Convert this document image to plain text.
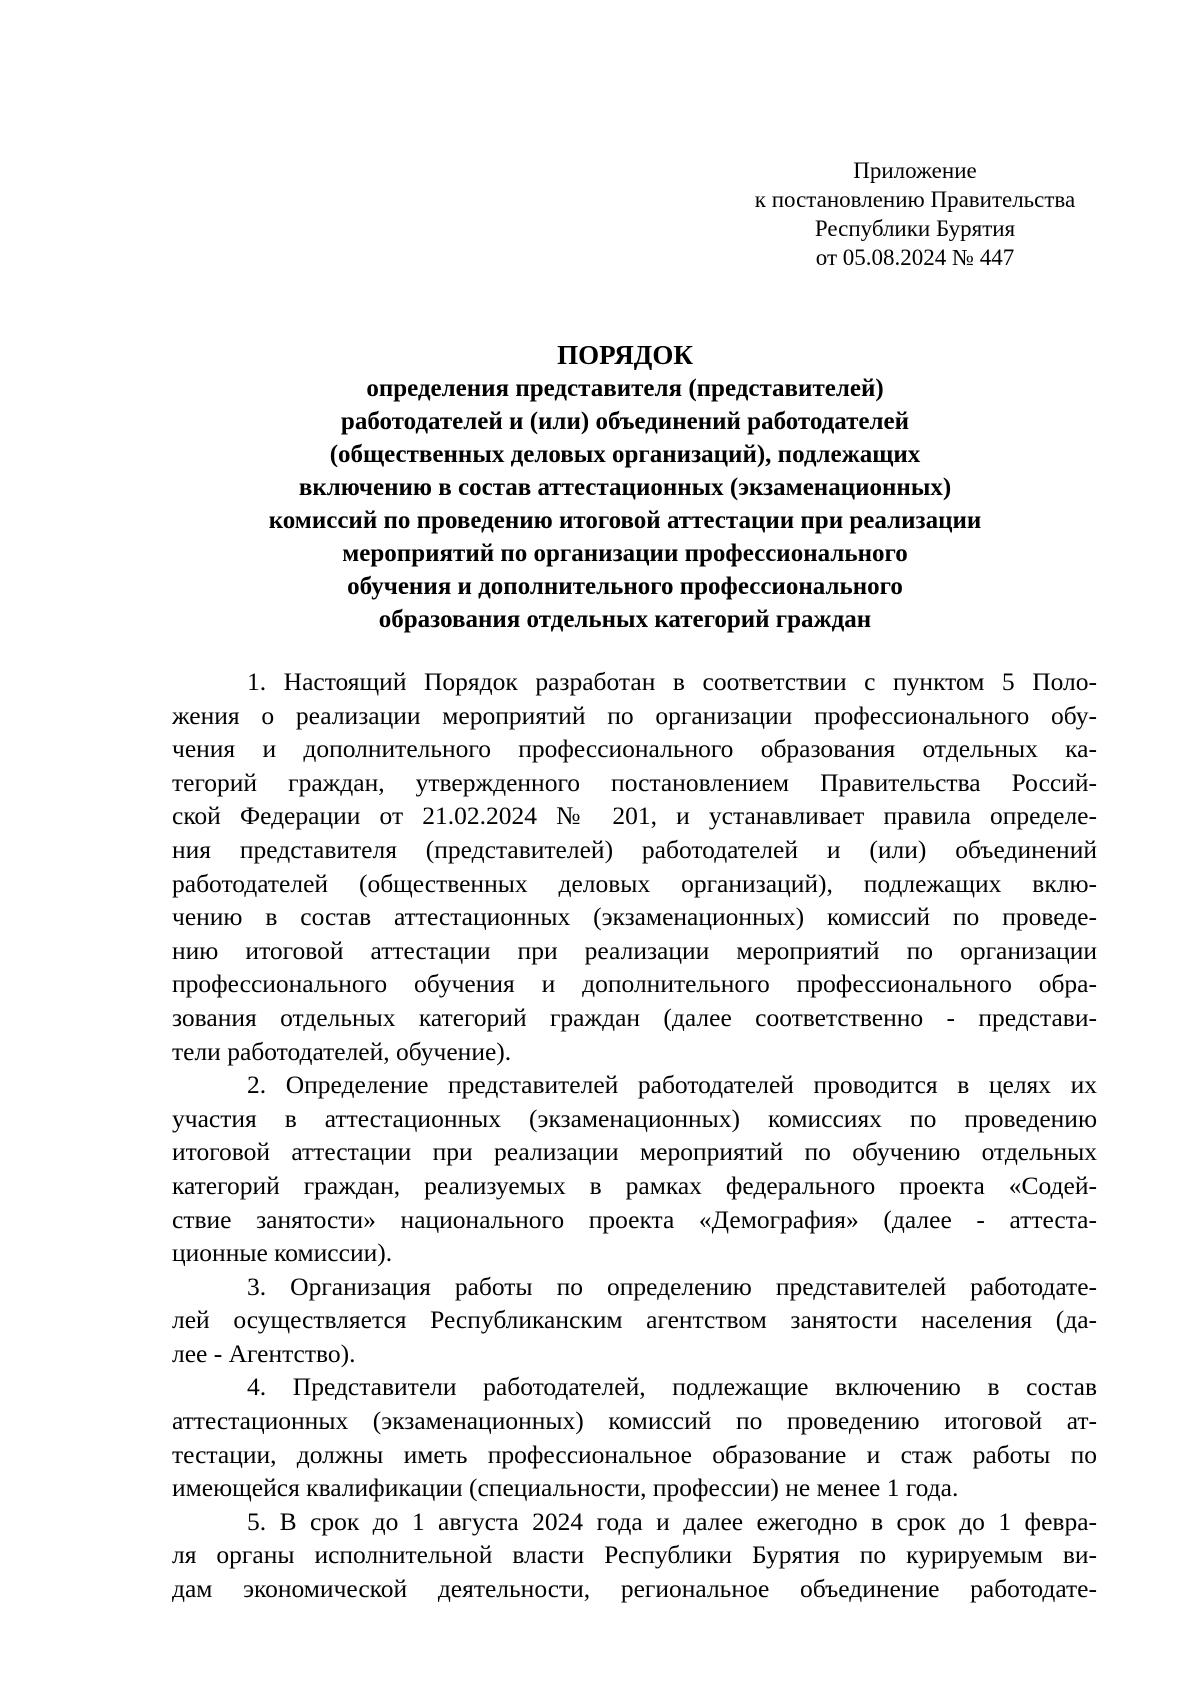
Приложение
к постановлению Правительства
Республики Бурятия
от 05.08.2024 № 447
ПОРЯДОК
определения представителя (представителей)
работодателей и (или) объединений работодателей
(общественных деловых организаций), подлежащих
включению в состав аттестационных (экзаменационных)
комиссий по проведению итоговой аттестации при реализации
мероприятий по организации профессионального
обучения и дополнительного профессионального
образования отдельных категорий граждан
1. Настоящий Порядок разработан в соответствии с пунктом 5 Поло-
жения о реализации мероприятий по организации профессионального обу-
чения и дополнительного профессионального образования отдельных ка-
тегорий граждан, утвержденного постановлением Правительства Россий-
ской Федерации от 21.02.2024 № 201, и устанавливает правила определе-
ния представителя (представителей) работодателей и (или) объединений
работодателей (общественных деловых организаций), подлежащих вклю-
чению в состав аттестационных (экзаменационных) комиссий по проведе-
нию итоговой аттестации при реализации мероприятий по организации
профессионального обучения и дополнительного профессионального обра-
зования отдельных категорий граждан (далее соответственно - представи-
тели работодателей, обучение).
2. Определение представителей работодателей проводится в целях их
участия в аттестационных (экзаменационных) комиссиях по проведению
итоговой аттестации при реализации мероприятий по обучению отдельных
категорий граждан, реализуемых в рамках федерального проекта «Содей-
ствие занятости» национального проекта «Демография» (далее - аттеста-
ционные комиссии).
3. Организация работы по определению представителей работодате-
лей осуществляется Республиканским агентством занятости населения (да-
лее - Агентство).
4. Представители работодателей, подлежащие включению в состав
аттестационных (экзаменационных) комиссий по проведению итоговой ат-
тестации, должны иметь профессиональное образование и стаж работы по
имеющейся квалификации (специальности, профессии) не менее 1 года.
5. В срок до 1 августа 2024 года и далее ежегодно в срок до 1 февра-
ля органы исполнительной власти Республики Бурятия по курируемым ви-
дам экономической деятельности, региональное объединение работодате-
